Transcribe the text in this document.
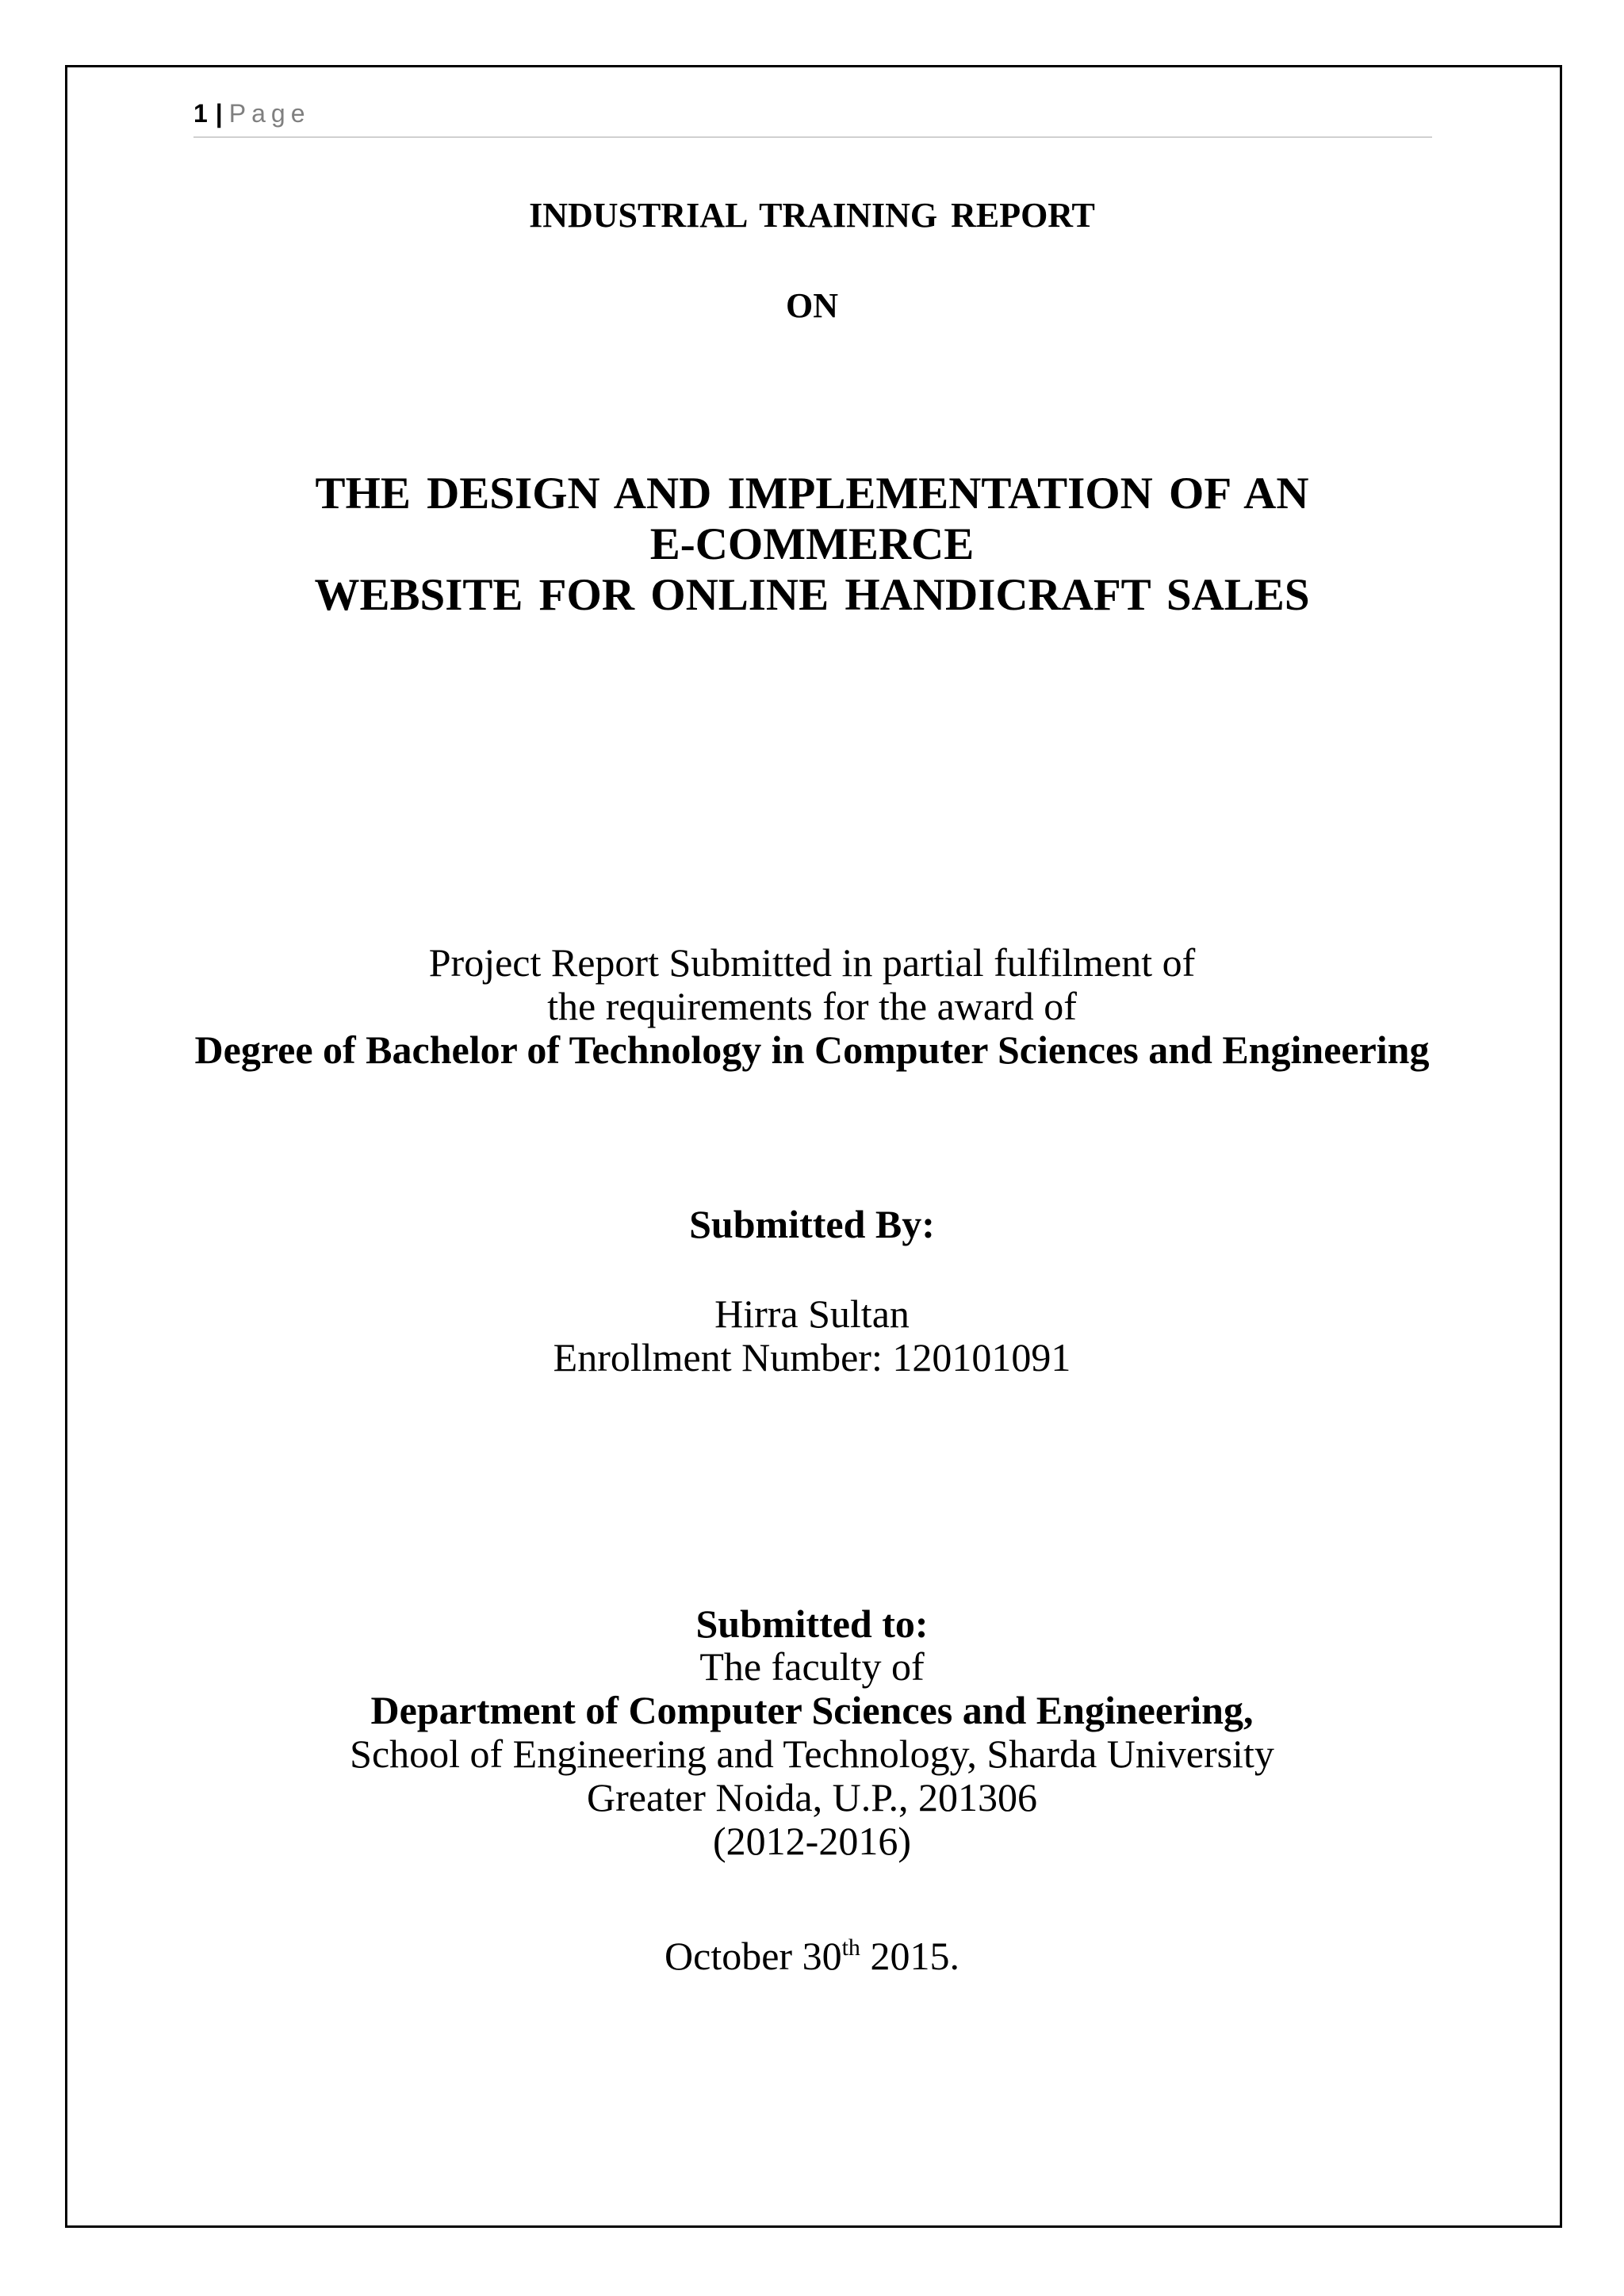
1 | Page
INDUSTRIAL TRAINING REPORT
ON
THE DESIGN AND IMPLEMENTATION OF AN
E-COMMERCE
WEBSITE FOR ONLINE HANDICRAFT SALES
Project Report Submitted in partial fulfilment of
the requirements for the award of
Degree of Bachelor of Technology in Computer Sciences and Engineering
Submitted By:
Hirra Sultan
Enrollment Number: 120101091
Submitted to:
The faculty of
Department of Computer Sciences and Engineering,
School of Engineering and Technology, Sharda University
Greater Noida, U.P., 201306
(2012-2016)
October 30th 2015.
